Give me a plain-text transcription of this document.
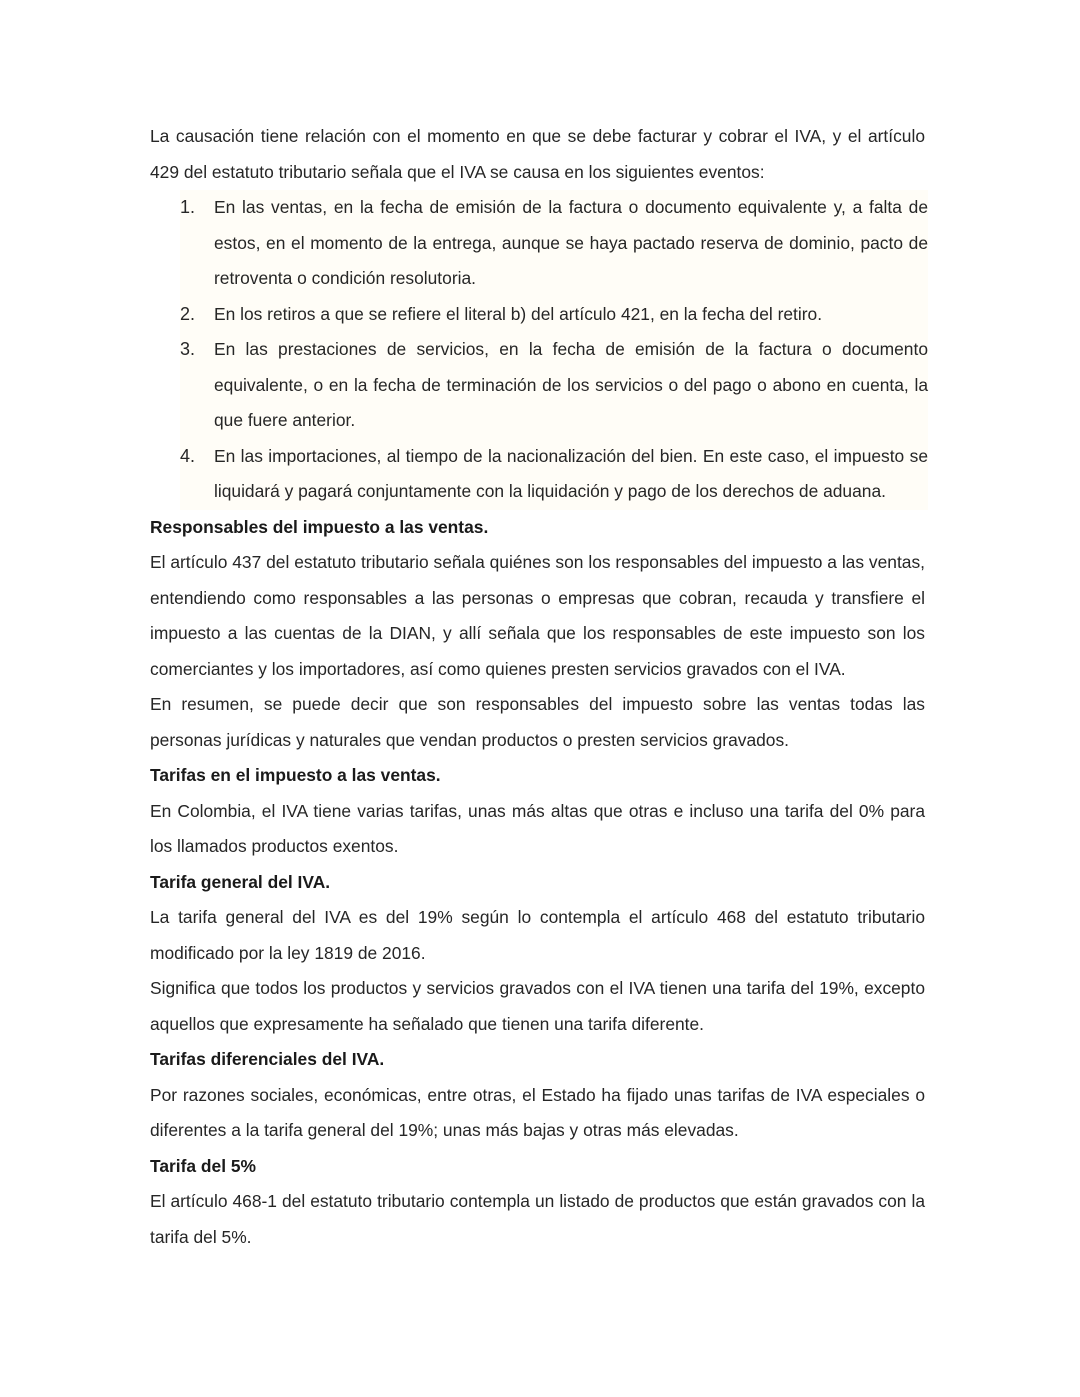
La causación tiene relación con el momento en que se debe facturar y cobrar el IVA, y el artículo 429 del estatuto tributario señala que el IVA se causa en los siguientes eventos:

1. En las ventas, en la fecha de emisión de la factura o documento equivalente y, a falta de estos, en el momento de la entrega, aunque se haya pactado reserva de dominio, pacto de retroventa o condición resolutoria.
2. En los retiros a que se refiere el literal b) del artículo 421, en la fecha del retiro.
3. En las prestaciones de servicios, en la fecha de emisión de la factura o documento equivalente, o en la fecha de terminación de los servicios o del pago o abono en cuenta, la que fuere anterior.
4. En las importaciones, al tiempo de la nacionalización del bien. En este caso, el impuesto se liquidará y pagará conjuntamente con la liquidación y pago de los derechos de aduana.

Responsables del impuesto a las ventas.

El artículo 437 del estatuto tributario señala quiénes son los responsables del impuesto a las ventas, entendiendo como responsables a las personas o empresas que cobran, recauda y transfiere el impuesto a las cuentas de la DIAN, y allí señala que los responsables de este impuesto son los comerciantes y los importadores, así como quienes presten servicios gravados con el IVA.

En resumen, se puede decir que son responsables del impuesto sobre las ventas todas las personas jurídicas y naturales que vendan productos o presten servicios gravados.

Tarifas en el impuesto a las ventas.

En Colombia, el IVA tiene varias tarifas, unas más altas que otras e incluso una tarifa del 0% para los llamados productos exentos.

Tarifa general del IVA.

La tarifa general del IVA es del 19% según lo contempla el artículo 468 del estatuto tributario modificado por la ley 1819 de 2016.

Significa que todos los productos y servicios gravados con el IVA tienen una tarifa del 19%, excepto aquellos que expresamente ha señalado que tienen una tarifa diferente.

Tarifas diferenciales del IVA.

Por razones sociales, económicas, entre otras, el Estado ha fijado unas tarifas de IVA especiales o diferentes a la tarifa general del 19%; unas más bajas y otras más elevadas.

Tarifa del 5%

El artículo 468-1 del estatuto tributario contempla un listado de productos que están gravados con la tarifa del 5%.
